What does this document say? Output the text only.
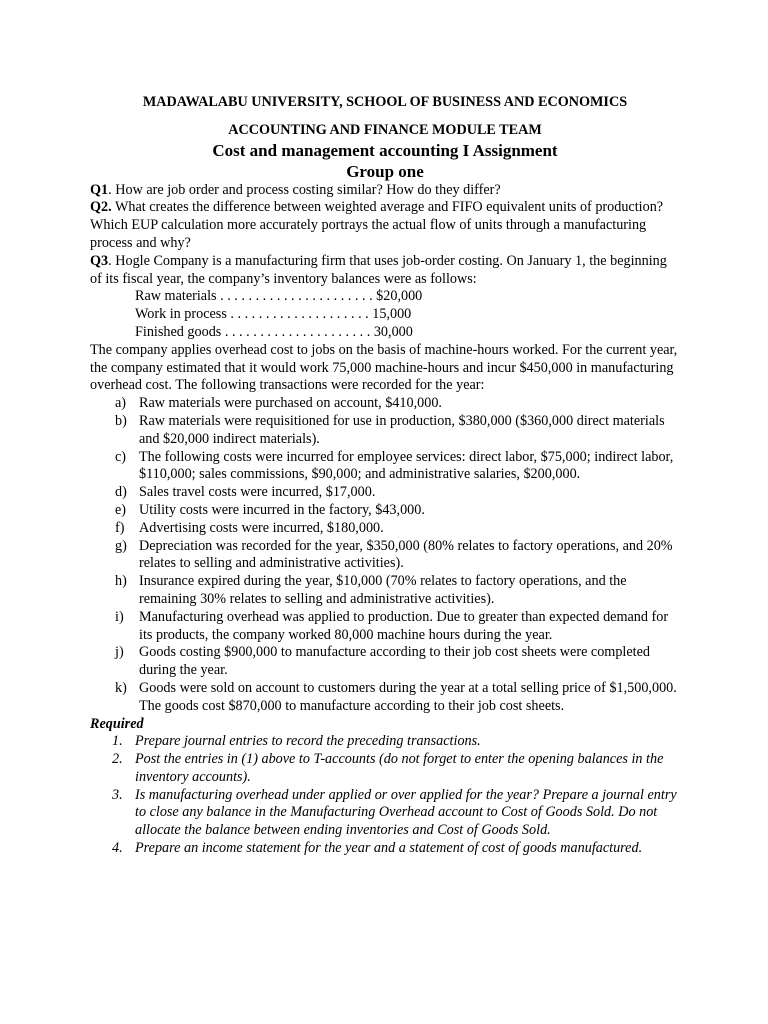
MADAWALABU UNIVERSITY, SCHOOL OF BUSINESS AND ECONOMICS
ACCOUNTING AND FINANCE MODULE TEAM
Cost and management accounting I Assignment
Group one

Q1. How are job order and process costing similar? How do they differ?

Q2. What creates the difference between weighted average and FIFO equivalent units of production? Which EUP calculation more accurately portrays the actual flow of units through a manufacturing process and why?

Q3. Hogle Company is a manufacturing firm that uses job-order costing. On January 1, the beginning of its fiscal year, the company’s inventory balances were as follows:

Raw materials . . . . . . . . . . . . . . . . . . . . . . $20,000
Work in process . . . . . . . . . . . . . . . . . . . . 15,000
Finished goods . . . . . . . . . . . . . . . . . . . . . 30,000

The company applies overhead cost to jobs on the basis of machine-hours worked. For the current year, the company estimated that it would work 75,000 machine-hours and incur $450,000 in manufacturing overhead cost. The following transactions were recorded for the year:

a) Raw materials were purchased on account, $410,000.
b) Raw materials were requisitioned for use in production, $380,000 ($360,000 direct materials and $20,000 indirect materials).
c) The following costs were incurred for employee services: direct labor, $75,000; indirect labor, $110,000; sales commissions, $90,000; and administrative salaries, $200,000.
d) Sales travel costs were incurred, $17,000.
e) Utility costs were incurred in the factory, $43,000.
f)	Advertising costs were incurred, $180,000.
g) Depreciation was recorded for the year, $350,000 (80% relates to factory operations, and 20% relates to selling and administrative activities).
h) Insurance expired during the year, $10,000 (70% relates to factory operations, and the remaining 30% relates to selling and administrative activities).
i)	Manufacturing overhead was applied to production. Due to greater than expected demand for its products, the company worked 80,000 machine hours during the year.
j)	Goods costing $900,000 to manufacture according to their job cost sheets were completed during the year.
k) Goods were sold on account to customers during the year at a total selling price of $1,500,000. The goods cost $870,000 to manufacture according to their job cost sheets.

Required

1. Prepare journal entries to record the preceding transactions.
2. Post the entries in (1) above to T-accounts (do not forget to enter the opening balances in the inventory accounts).
3. Is manufacturing overhead under applied or over applied for the year? Prepare a journal entry to close any balance in the Manufacturing Overhead account to Cost of Goods Sold. Do not allocate the balance between ending inventories and Cost of Goods Sold.
4. Prepare an income statement for the year and a statement of cost of goods manufactured.
